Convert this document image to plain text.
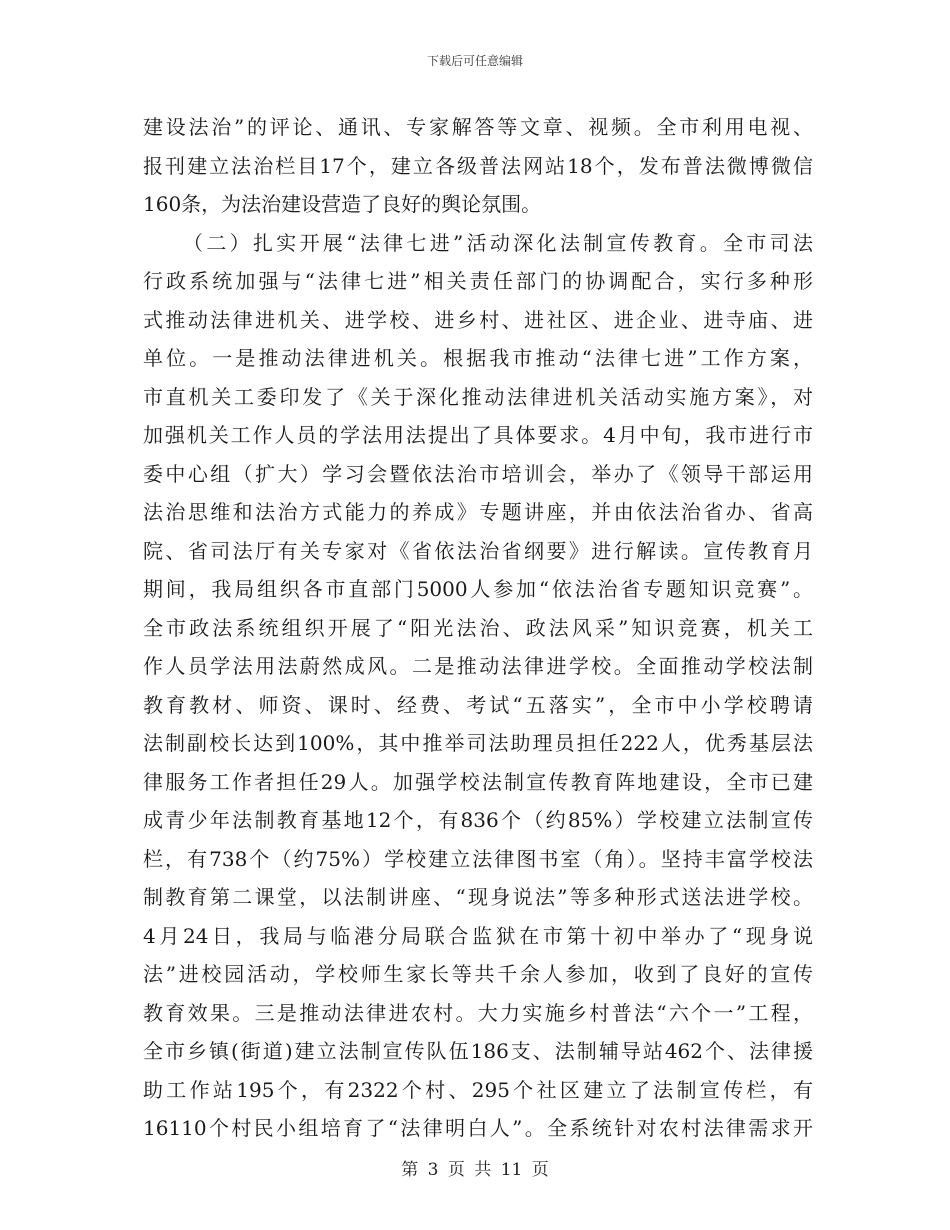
下载后可任意编辑
建设法治”的评论、通讯、专家解答等文章、视频。全市利用电视、
报刊建立法治栏目17个，建立各级普法网站18个，发布普法微博微信
160条，为法治建设营造了良好的舆论氛围。
（二）扎实开展“法律七进”活动深化法制宣传教育。全市司法
行政系统加强与“法律七进”相关责任部门的协调配合，实行多种形
式推动法律进机关、进学校、进乡村、进社区、进企业、进寺庙、进
单位。一是推动法律进机关。根据我市推动“法律七进”工作方案，
市直机关工委印发了《关于深化推动法律进机关活动实施方案》，对
加强机关工作人员的学法用法提出了具体要求。4月中旬，我市进行市
委中心组（扩大）学习会暨依法治市培训会，举办了《领导干部运用
法治思维和法治方式能力的养成》专题讲座，并由依法治省办、省高
院、省司法厅有关专家对《省依法治省纲要》进行解读。宣传教育月
期间，我局组织各市直部门5000人参加“依法治省专题知识竞赛”。
全市政法系统组织开展了“阳光法治、政法风采”知识竞赛，机关工
作人员学法用法蔚然成风。二是推动法律进学校。全面推动学校法制
教育教材、师资、课时、经费、考试“五落实”，全市中小学校聘请
法制副校长达到100%，其中推举司法助理员担任222人，优秀基层法
律服务工作者担任29人。加强学校法制宣传教育阵地建设，全市已建
成青少年法制教育基地12个，有836个（约85%）学校建立法制宣传
栏，有738个（约75%）学校建立法律图书室（角）。坚持丰富学校法
制教育第二课堂，以法制讲座、“现身说法”等多种形式送法进学校。
4月24日，我局与临港分局联合监狱在市第十初中举办了“现身说
法”进校园活动，学校师生家长等共千余人参加，收到了良好的宣传
教育效果。三是推动法律进农村。大力实施乡村普法“六个一”工程，
全市乡镇(街道)建立法制宣传队伍186支、法制辅导站462个、法律援
助工作站195个，有2322个村、295个社区建立了法制宣传栏，有
16110个村民小组培育了“法律明白人”。全系统针对农村法律需求开
第 3 页 共 11 页
